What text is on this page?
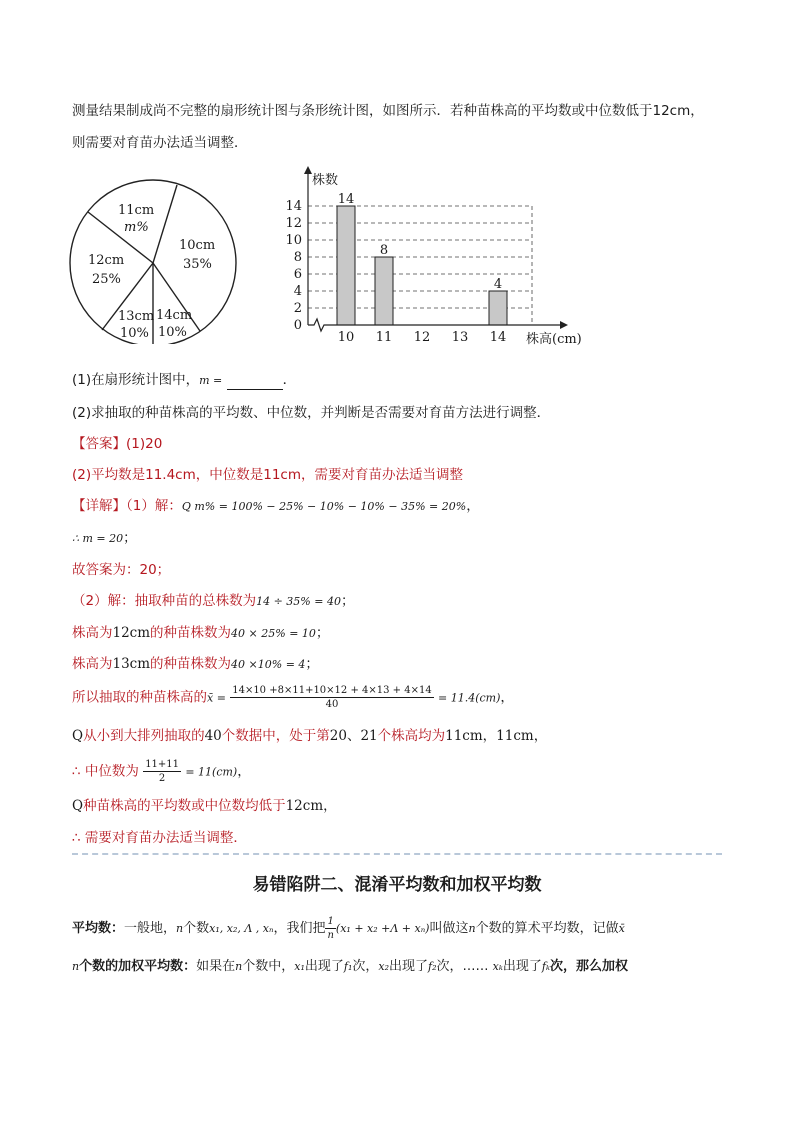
测量结果制成尚不完整的扇形统计图与条形统计图，如图所示．若种苗株高的平均数或中位数低于12cm，
则需要对育苗办法适当调整．
11cm
m%
10cm
35%
12cm
25%
13cm
10%
14cm
10%
14
8
4
0
2
4
6
8
10
12
14
10 11 12 13 14
株数
株高(cm)
(1)在扇形统计图中，m =	．
(2)求抽取的种苗株高的平均数、中位数，并判断是否需要对育苗方法进行调整．
【答案】(1)20
(2)平均数是11.4cm，中位数是11cm，需要对育苗办法适当调整
【详解】（1）解：Q m% = 100% − 25% − 10% − 10% − 35% = 20%，
∴ m = 20；
故答案为：20；
（2）解：抽取种苗的总株数为14 ÷ 35% = 40；
株高为12cm的种苗株数为40 × 25% = 10；
株高为13cm的种苗株数为40 ×10% = 4；
所以抽取的种苗株高的x̄ = $\frac{14\times 10 +8\times 11+10\times 12 + 4\times 13 + 4\times 14}{40} = 11.4(cm)$，
Q从小到大排列抽取的40个数据中，处于第20、21个株高均为11cm，11cm，
∴ 中位数为 $\frac{11+11}{2} = 11(cm)$，
Q种苗株高的平均数或中位数均低于12cm，
∴ 需要对育苗办法适当调整．
易错陷阱二、混淆平均数和加权平均数
平均数：一般地，n个数x₁, x₂, Λ , xₙ，我们把 $\frac{1}{n} (x_1 + x_2 +\Lambda + x_n)$叫做这n个数的算术平均数，记做x̄
n个数的加权平均数：如果在n个数中，x₁出现了f₁次，x₂出现了f₂次，…… xₖ出现了fₖ次，那么加权
